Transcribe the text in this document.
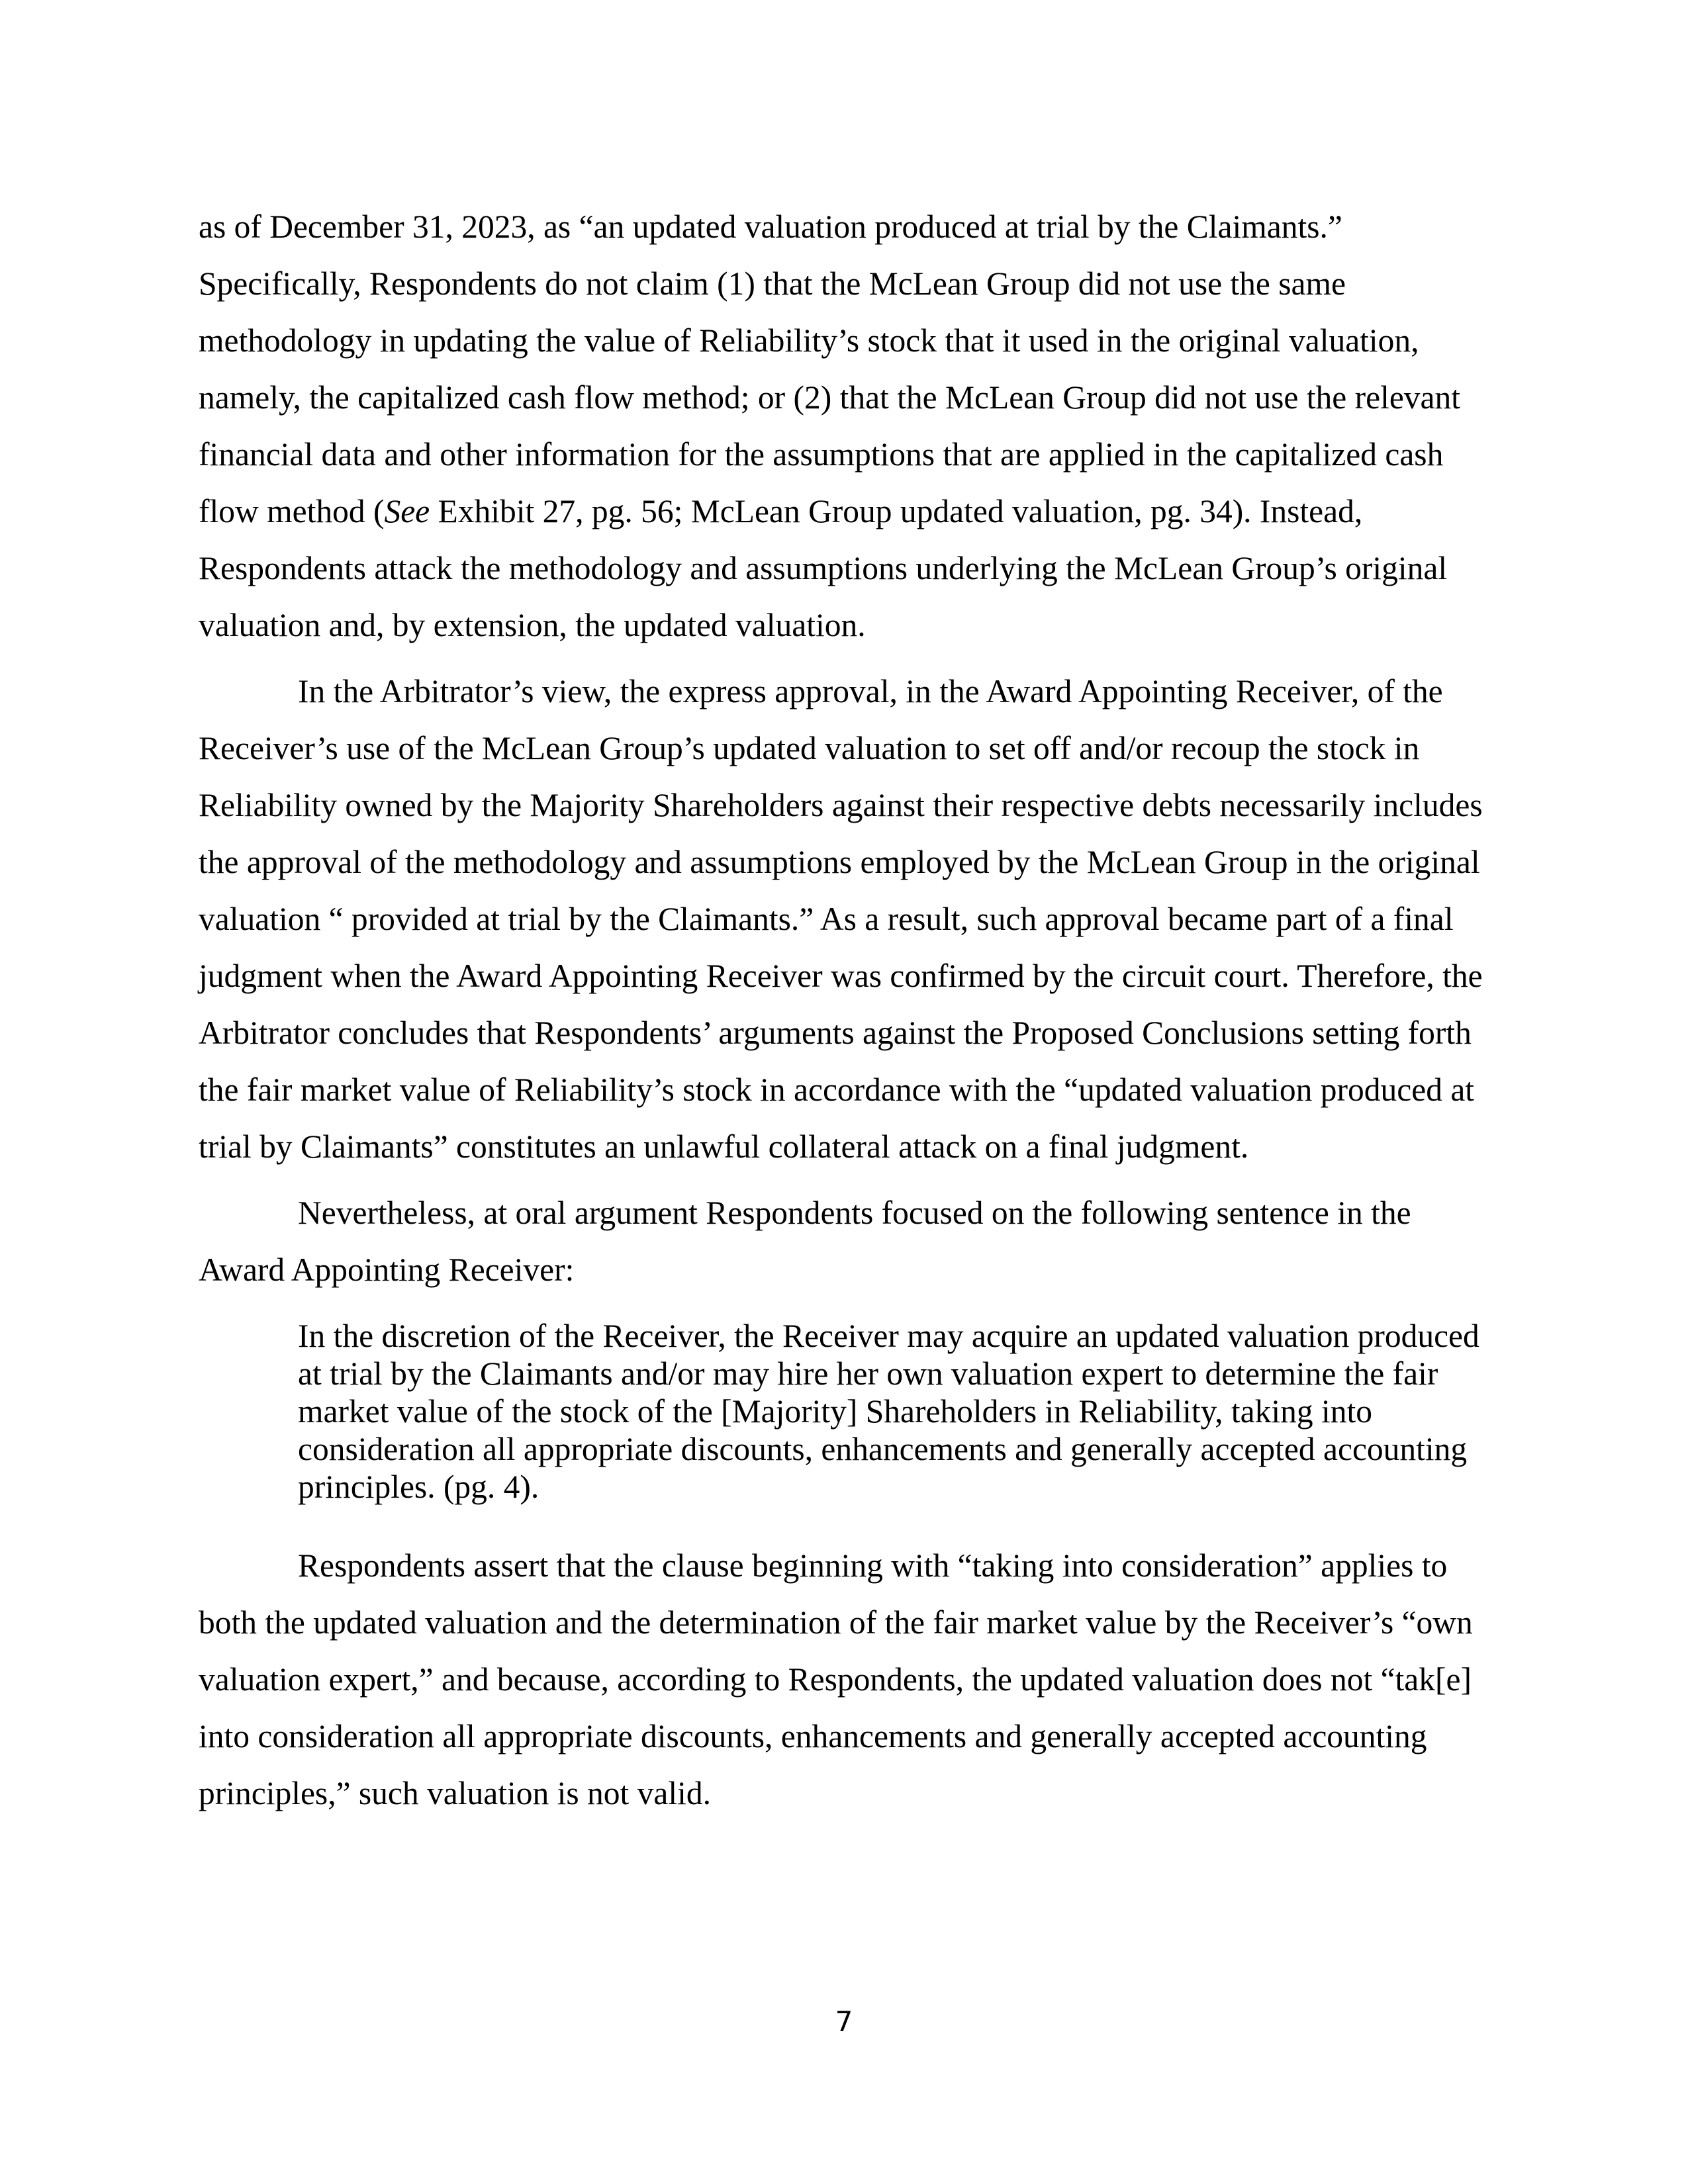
as of December 31, 2023, as “an updated valuation produced at trial by the Claimants.” Specifically, Respondents do not claim (1) that the McLean Group did not use the same methodology in updating the value of Reliability’s stock that it used in the original valuation, namely, the capitalized cash flow method; or (2) that the McLean Group did not use the relevant financial data and other information for the assumptions that are applied in the capitalized cash flow method (See Exhibit 27, pg. 56; McLean Group updated valuation, pg. 34). Instead, Respondents attack the methodology and assumptions underlying the McLean Group’s original valuation and, by extension, the updated valuation.

In the Arbitrator’s view, the express approval, in the Award Appointing Receiver, of the Receiver’s use of the McLean Group’s updated valuation to set off and/or recoup the stock in Reliability owned by the Majority Shareholders against their respective debts necessarily includes the approval of the methodology and assumptions employed by the McLean Group in the original valuation “ provided at trial by the Claimants.” As a result, such approval became part of a final judgment when the Award Appointing Receiver was confirmed by the circuit court. Therefore, the Arbitrator concludes that Respondents’ arguments against the Proposed Conclusions setting forth the fair market value of Reliability’s stock in accordance with the “updated valuation produced at trial by Claimants” constitutes an unlawful collateral attack on a final judgment.

Nevertheless, at oral argument Respondents focused on the following sentence in the Award Appointing Receiver:

In the discretion of the Receiver, the Receiver may acquire an updated valuation produced at trial by the Claimants and/or may hire her own valuation expert to determine the fair market value of the stock of the [Majority] Shareholders in Reliability, taking into consideration all appropriate discounts, enhancements and generally accepted accounting principles. (pg. 4).

Respondents assert that the clause beginning with “taking into consideration” applies to both the updated valuation and the determination of the fair market value by the Receiver’s “own valuation expert,” and because, according to Respondents, the updated valuation does not “tak[e] into consideration all appropriate discounts, enhancements and generally accepted accounting principles,” such valuation is not valid.

7
